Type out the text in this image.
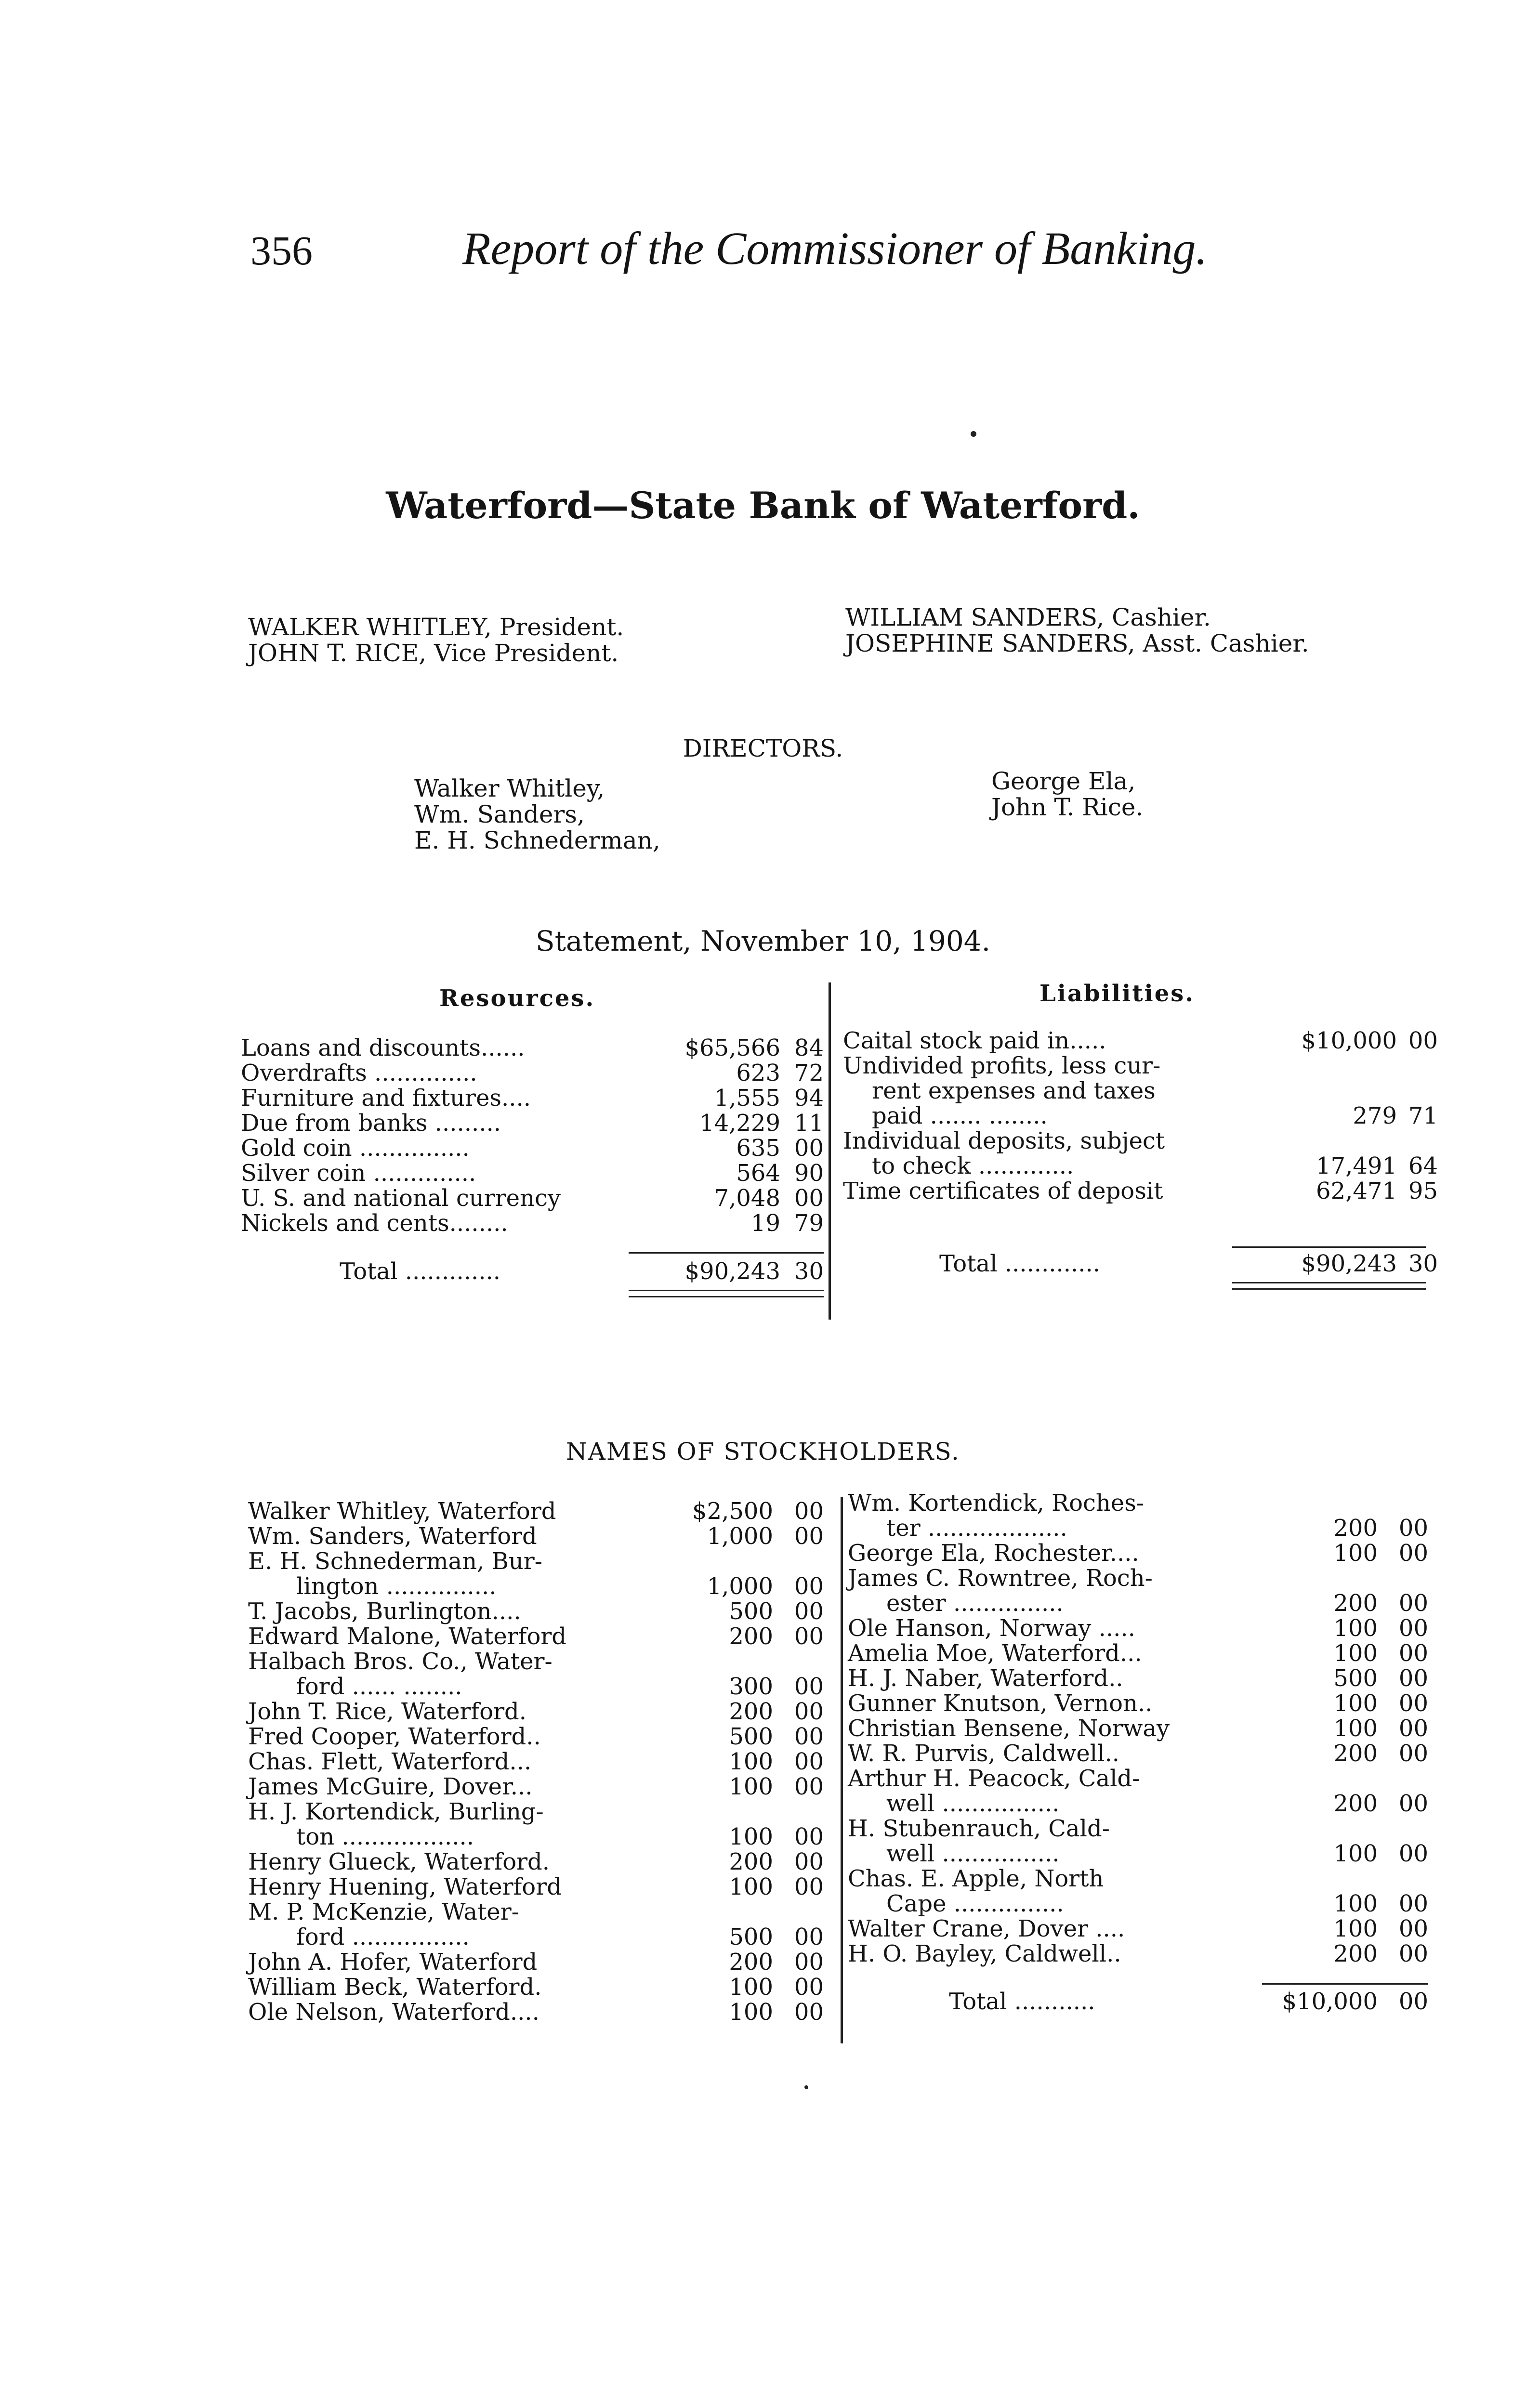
356	Report of the Commissioner of Banking.
Waterford—State Bank of Waterford.
WALKER WHITLEY, President.
JOHN T. RICE, Vice President.
WILLIAM SANDERS, Cashier.
JOSEPHINE SANDERS, Asst. Cashier.
DIRECTORS.
Walker Whitley,
Wm. Sanders,
E. H. Schnederman,
George Ela,
John T. Rice.
Statement, November 10, 1904.
Resources.	Liabilities.
Loans and discounts......	$65,566 84
Overdrafts ..............	623 72
Furniture and fixtures....	1,555 94
Due from banks .........	14,229 11
Gold coin ...............	635 00
Silver coin ..............	564 90
U. S. and national currency	7,048 00
Nickels and cents........	19 79
Total .............	$90,243 30
Caital stock paid in.....	$10,000 00
Undivided profits, less cur-
rent expenses and taxes
paid ....... ........	279 71
Individual deposits, subject
to check .............	17,491 64
Time certificates of deposit	62,471 95
Total .............	$90,243 30
NAMES OF STOCKHOLDERS.
Walker Whitley, Waterford	$2,500 00
Wm. Sanders, Waterford	1,000 00
E. H. Schnederman, Bur-
lington ...............	1,000 00
T. Jacobs, Burlington....	500 00
Edward Malone, Waterford	200 00
Halbach Bros. Co., Water-
ford ...... ........	300 00
John T. Rice, Waterford.	200 00
Fred Cooper, Waterford..	500 00
Chas. Flett, Waterford...	100 00
James McGuire, Dover...	100 00
H. J. Kortendick, Burling-
ton ..................	100 00
Henry Glueck, Waterford.	200 00
Henry Huening, Waterford	100 00
M. P. McKenzie, Water-
ford ................	500 00
John A. Hofer, Waterford	200 00
William Beck, Waterford.	100 00
Ole Nelson, Waterford....	100 00
Wm. Kortendick, Roches-
ter ...................	200 00
George Ela, Rochester....	100 00
James C. Rowntree, Roch-
ester ...............	200 00
Ole Hanson, Norway .....	100 00
Amelia Moe, Waterford...	100 00
H. J. Naber, Waterford..	500 00
Gunner Knutson, Vernon..	100 00
Christian Bensene, Norway	100 00
W. R. Purvis, Caldwell..	200 00
Arthur H. Peacock, Cald-
well ................	200 00
H. Stubenrauch, Cald-
well ................	100 00
Chas. E. Apple, North
Cape ...............	100 00
Walter Crane, Dover ....	100 00
H. O. Bayley, Caldwell..	200 00
Total ...........	$10,000 00
